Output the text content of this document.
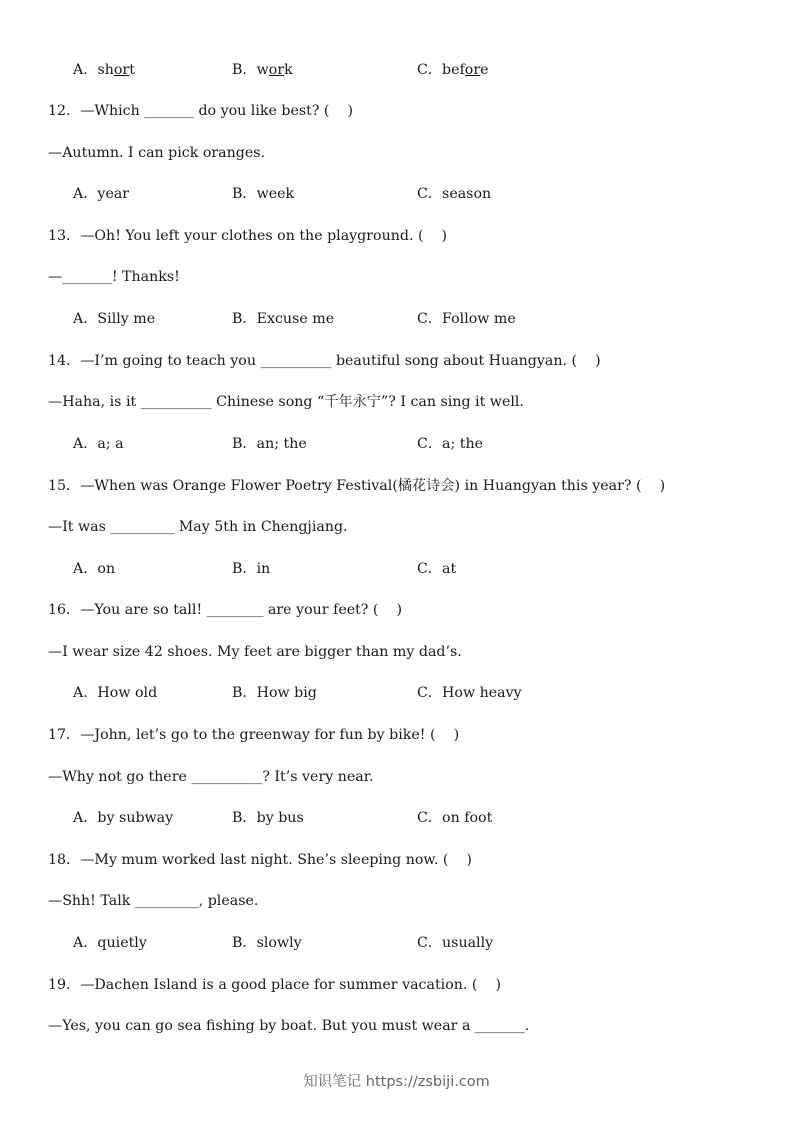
A．short	B．work	C．before
12．—Which _______ do you like best? (    )
—Autumn. I can pick oranges.
A．year	B．week	C．season
13．—Oh! You left your clothes on the playground. (    )
—_______! Thanks!
A．Silly me	B．Excuse me	C．Follow me
14．—I’m going to teach you __________ beautiful song about Huangyan. (    )
—Haha, is it __________ Chinese song “千年永宁”? I can sing it well.
A．a; a	B．an; the	C．a; the
15．—When was Orange Flower Poetry Festival(橘花诗会) in Huangyan this year? (    )
—It was _________ May 5th in Chengjiang.
A．on	B．in	C．at
16．—You are so tall! ________ are your feet? (    )
—I wear size 42 shoes. My feet are bigger than my dad’s.
A．How old	B．How big	C．How heavy
17．—John, let’s go to the greenway for fun by bike! (    )
—Why not go there __________? It’s very near.
A．by subway	B．by bus	C．on foot
18．—My mum worked last night. She’s sleeping now. (    )
—Shh! Talk _________, please.
A．quietly	B．slowly	C．usually
19．—Dachen Island is a good place for summer vacation. (    )
—Yes, you can go sea fishing by boat. But you must wear a _______.
知识笔记 https://zsbiji.com
